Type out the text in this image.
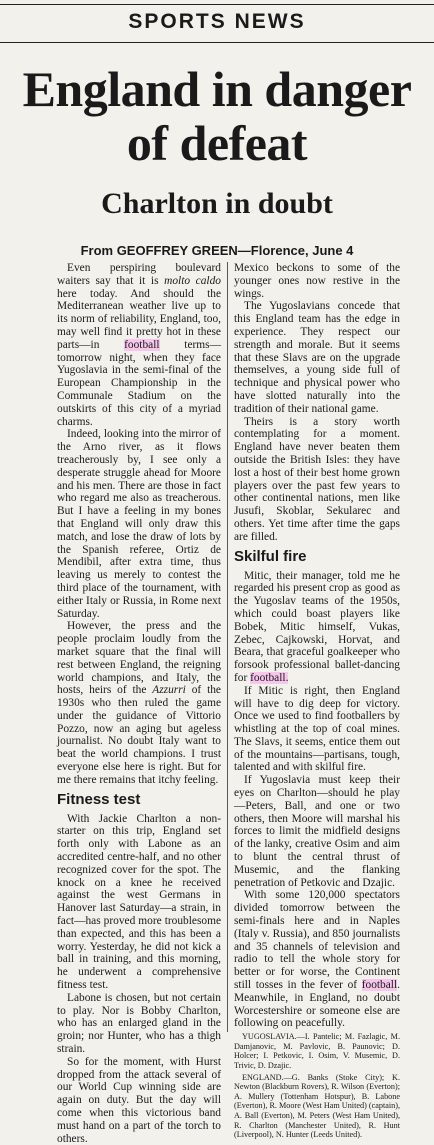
SPORTS NEWS
England in danger of defeat
Charlton in doubt
From GEOFFREY GREEN—Florence, June 4

Even perspiring boulevard waiters say that it is molto caldo here today. And should the Mediterranean weather live up to its norm of reliability, England, too, may well find it pretty hot in these parts—in football terms—tomorrow night, when they face Yugoslavia in the semi-final of the European Championship in the Communale Stadium on the outskirts of this city of a myriad charms.

Indeed, looking into the mirror of the Arno river, as it flows treacherously by, I see only a desperate struggle ahead for Moore and his men. There are those in fact who regard me also as treacherous. But I have a feeling in my bones that England will only draw this match, and lose the draw of lots by the Spanish referee, Ortiz de Mendibil, after extra time, thus leaving us merely to contest the third place of the tournament, with either Italy or Russia, in Rome next Saturday.

However, the press and the people proclaim loudly from the market square that the final will rest between England, the reigning world champions, and Italy, the hosts, heirs of the Azzurri of the 1930s who then ruled the game under the guidance of Vittorio Pozzo, now an aging but ageless journalist. No doubt Italy want to beat the world champions. I trust everyone else here is right. But for me there remains that itchy feeling.

Fitness test

With Jackie Charlton a non-starter on this trip, England set forth only with Labone as an accredited centre-half, and no other recognized cover for the spot. The knock on a knee he received against the west Germans in Hanover last Saturday—a strain, in fact—has proved more troublesome than expected, and this has been a worry. Yesterday, he did not kick a ball in training, and this morning, he underwent a comprehensive fitness test.

Labone is chosen, but not certain to play. Nor is Bobby Charlton, who has an enlarged gland in the groin; nor Hunter, who has a thigh strain.

So for the moment, with Hurst dropped from the attack several of our World Cup winning side are again on duty. But the day will come when this victorious band must hand on a part of the torch to others.

Mexico beckons to some of the younger ones now restive in the wings.

The Yugoslavians concede that this England team has the edge in experience. They respect our strength and morale. But it seems that these Slavs are on the upgrade themselves, a young side full of technique and physical power who have slotted naturally into the tradition of their national game.

Theirs is a story worth contemplating for a moment. England have never beaten them outside the British Isles: they have lost a host of their best home grown players over the past few years to other continental nations, men like Jusufi, Skoblar, Sekularec and others. Yet time after time the gaps are filled.

Skilful fire

Mitic, their manager, told me he regarded his present crop as good as the Yugoslav teams of the 1950s, which could boast players like Bobek, Mitic himself, Vukas, Zebec, Cajkowski, Horvat, and Beara, that graceful goalkeeper who forsook professional ballet-dancing for football.

If Mitic is right, then England will have to dig deep for victory. Once we used to find footballers by whistling at the top of coal mines. The Slavs, it seems, entice them out of the mountains—partisans, tough, talented and with skilful fire.

If Yugoslavia must keep their eyes on Charlton—should he play—Peters, Ball, and one or two others, then Moore will marshal his forces to limit the midfield designs of the lanky, creative Osim and aim to blunt the central thrust of Musemic, and the flanking penetration of Petkovic and Dzajic.

With some 120,000 spectators divided tomorrow between the semi-finals here and in Naples (Italy v. Russia), and 850 journalists and 35 channels of television and radio to tell the whole story for better or for worse, the Continent still tosses in the fever of football. Meanwhile, in England, no doubt Worcestershire or someone else are following on peacefully.

YUGOSLAVIA.—I. Pantelic; M. Fazlagic, M. Damjanovic, M. Pavlovic, B. Paunovic; D. Holcer; I. Petkovic, I. Osim, V. Musemic, D. Trivic, D. Dzajic.

ENGLAND.—G. Banks (Stoke City); K. Newton (Blackburn Rovers), R. Wilson (Everton); A. Mullery (Tottenham Hotspur), B. Labone (Everton), R. Moore (West Ham United) (captain), A. Ball (Everton), M. Peters (West Ham United), R. Charlton (Manchester United), R. Hunt (Liverpool), N. Hunter (Leeds United).
